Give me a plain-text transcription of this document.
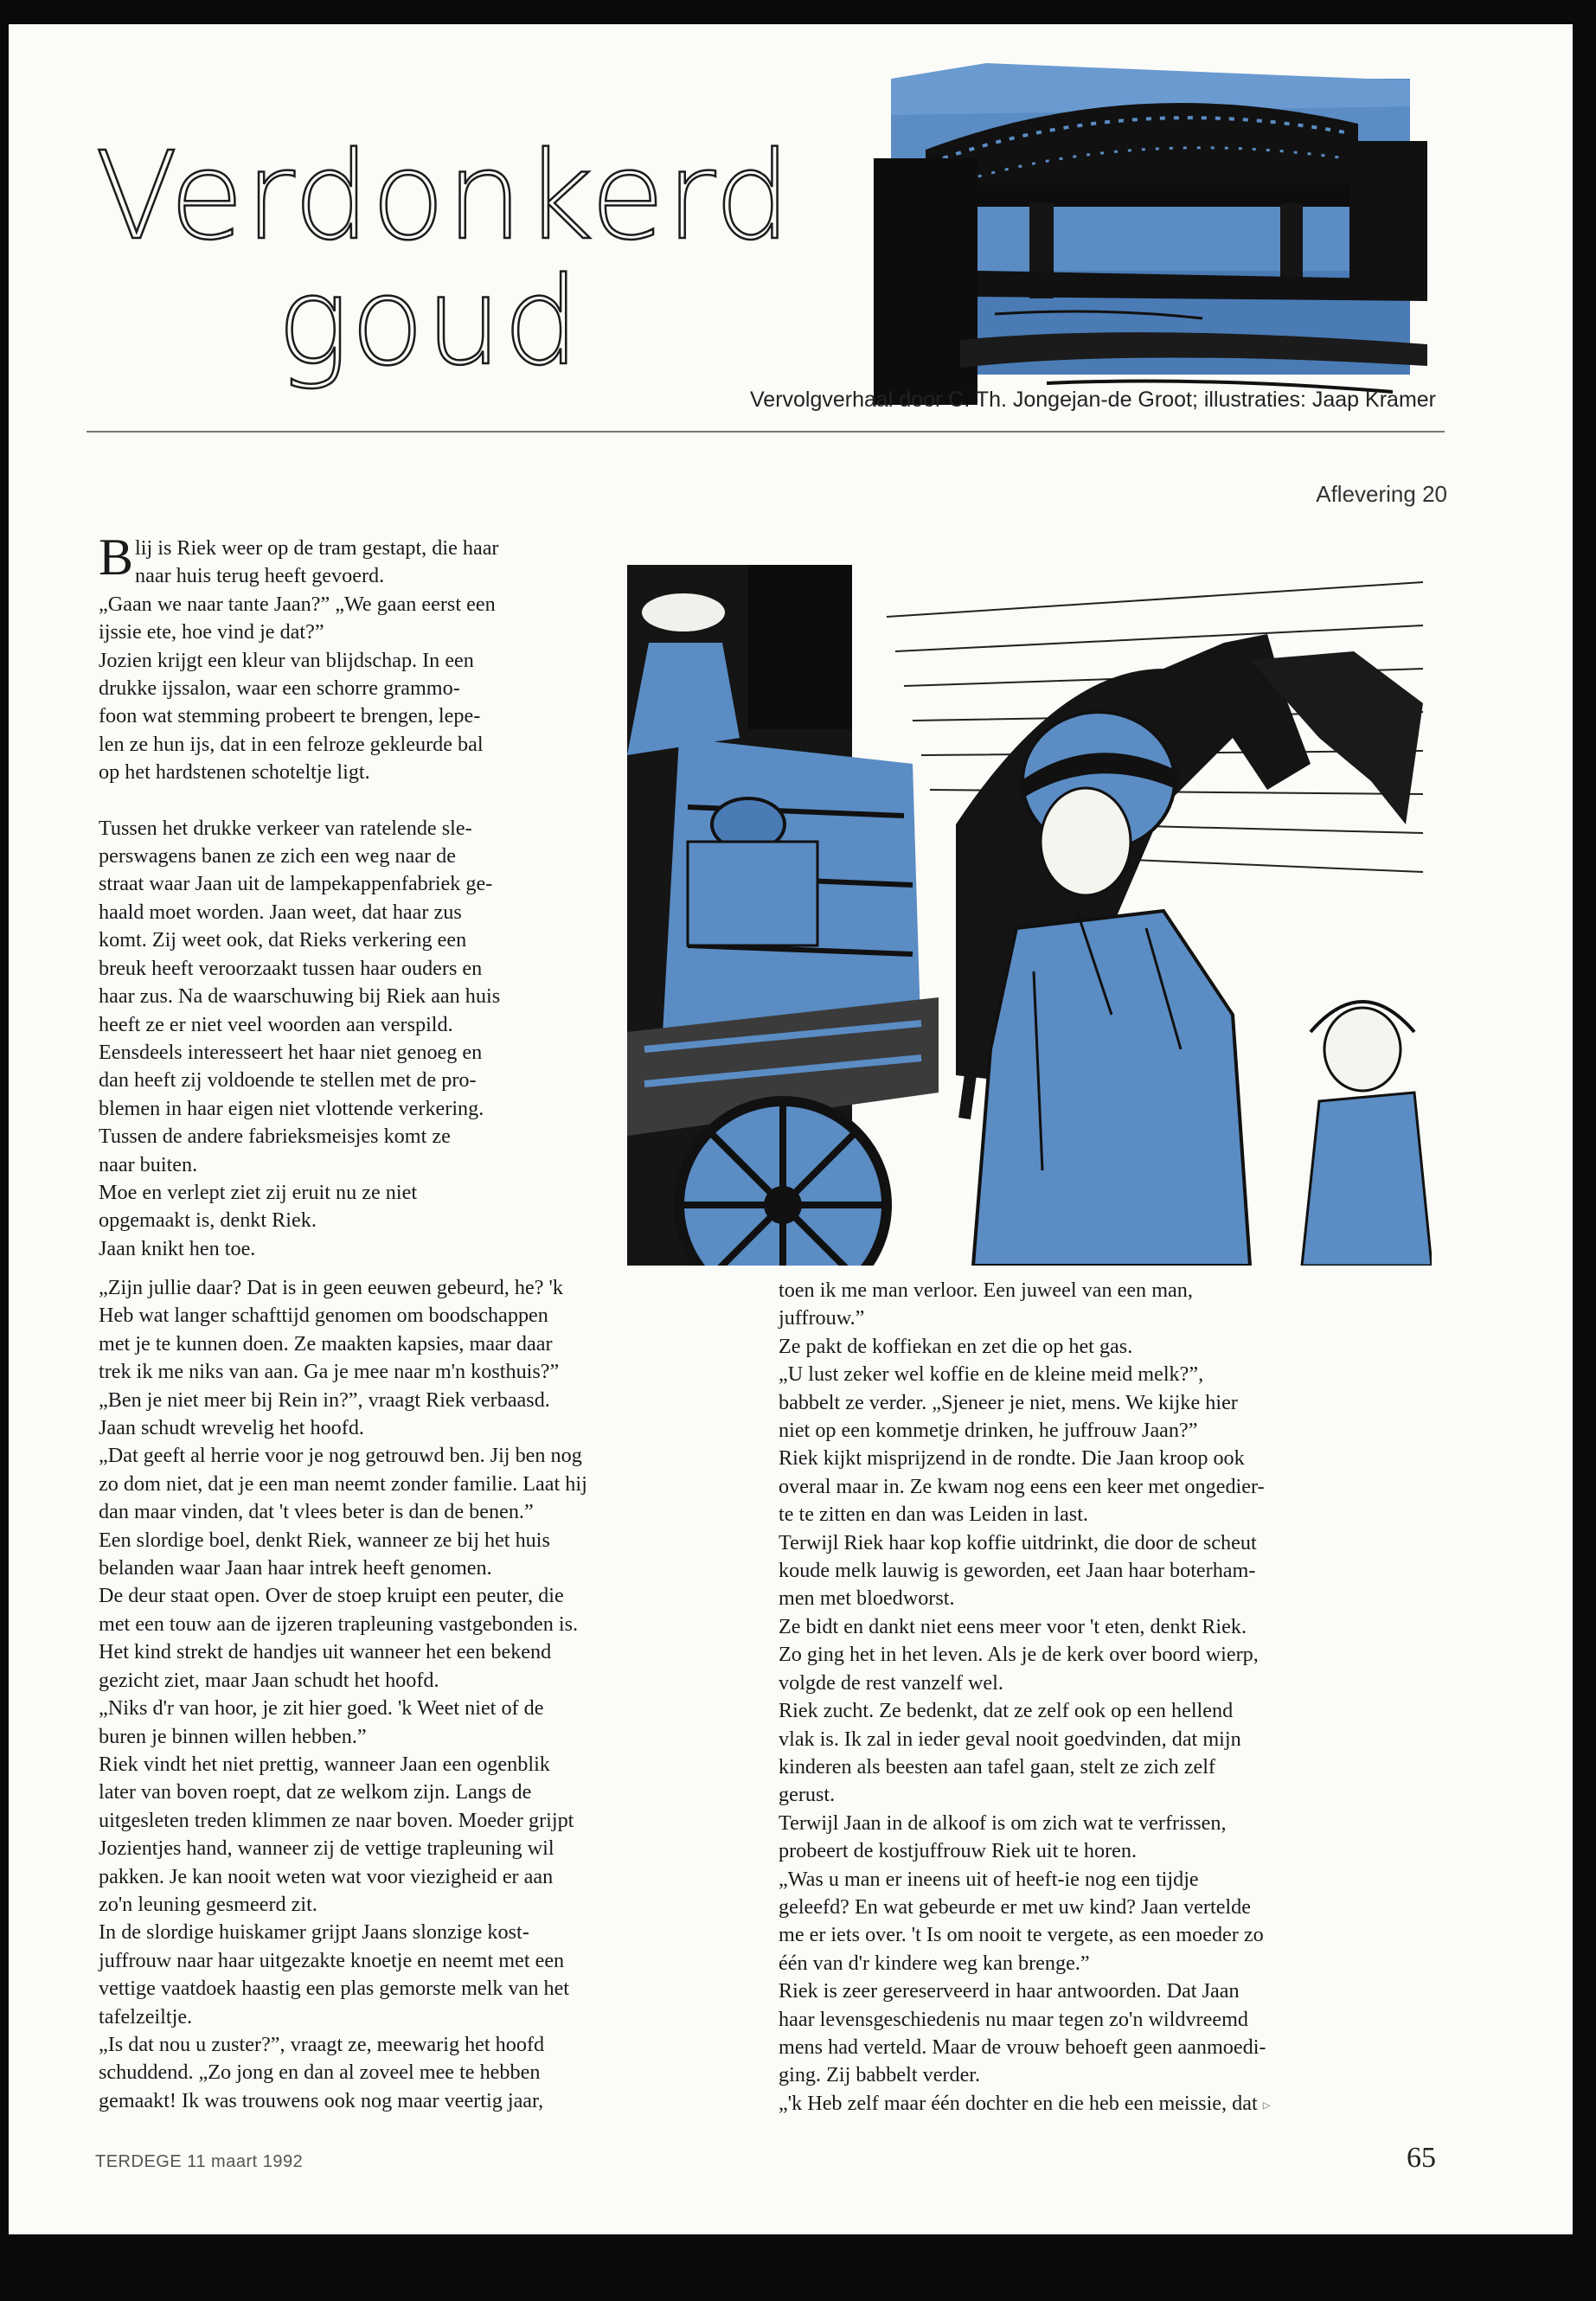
Verdonkerd
goud
Vervolgverhaal door C. Th. Jongejan-de Groot; illustraties: Jaap Kramer
Aflevering 20

Blij is Riek weer op de tram gestapt, die haar
naar huis terug heeft gevoerd.
„Gaan we naar tante Jaan?” „We gaan eerst een
ijssie ete, hoe vind je dat?”
Jozien krijgt een kleur van blijdschap. In een
drukke ijssalon, waar een schorre grammo-
foon wat stemming probeert te brengen, lepe-
len ze hun ijs, dat in een felroze gekleurde bal
op het hardstenen schoteltje ligt.

Tussen het drukke verkeer van ratelende sle-
perswagens banen ze zich een weg naar de
straat waar Jaan uit de lampekappenfabriek ge-
haald moet worden. Jaan weet, dat haar zus
komt. Zij weet ook, dat Rieks verkering een
breuk heeft veroorzaakt tussen haar ouders en
haar zus. Na de waarschuwing bij Riek aan huis
heeft ze er niet veel woorden aan verspild.
Eensdeels interesseert het haar niet genoeg en
dan heeft zij voldoende te stellen met de pro-
blemen in haar eigen niet vlottende verkering.
Tussen de andere fabrieksmeisjes komt ze
naar buiten.
Moe en verlept ziet zij eruit nu ze niet
opgemaakt is, denkt Riek.
Jaan knikt hen toe.

„Zijn jullie daar? Dat is in geen eeuwen gebeurd, he? 'k
Heb wat langer schafttijd genomen om boodschappen
met je te kunnen doen. Ze maakten kapsies, maar daar
trek ik me niks van aan. Ga je mee naar m'n kosthuis?”
„Ben je niet meer bij Rein in?”, vraagt Riek verbaasd.
Jaan schudt wrevelig het hoofd.
„Dat geeft al herrie voor je nog getrouwd ben. Jij ben nog
zo dom niet, dat je een man neemt zonder familie. Laat hij
dan maar vinden, dat 't vlees beter is dan de benen.”
Een slordige boel, denkt Riek, wanneer ze bij het huis
belanden waar Jaan haar intrek heeft genomen.
De deur staat open. Over de stoep kruipt een peuter, die
met een touw aan de ijzeren trapleuning vastgebonden is.
Het kind strekt de handjes uit wanneer het een bekend
gezicht ziet, maar Jaan schudt het hoofd.
„Niks d'r van hoor, je zit hier goed. 'k Weet niet of de
buren je binnen willen hebben.”
Riek vindt het niet prettig, wanneer Jaan een ogenblik
later van boven roept, dat ze welkom zijn. Langs de
uitgesleten treden klimmen ze naar boven. Moeder grijpt
Jozientjes hand, wanneer zij de vettige trapleuning wil
pakken. Je kan nooit weten wat voor viezigheid er aan
zo'n leuning gesmeerd zit.
In de slordige huiskamer grijpt Jaans slonzige kost-
juffrouw naar haar uitgezakte knoetje en neemt met een
vettige vaatdoek haastig een plas gemorste melk van het
tafelzeiltje.
„Is dat nou u zuster?”, vraagt ze, meewarig het hoofd
schuddend. „Zo jong en dan al zoveel mee te hebben
gemaakt! Ik was trouwens ook nog maar veertig jaar,

toen ik me man verloor. Een juweel van een man,
juffrouw.”
Ze pakt de koffiekan en zet die op het gas.
„U lust zeker wel koffie en de kleine meid melk?”,
babbelt ze verder. „Sjeneer je niet, mens. We kijke hier
niet op een kommetje drinken, he juffrouw Jaan?”
Riek kijkt misprijzend in de rondte. Die Jaan kroop ook
overal maar in. Ze kwam nog eens een keer met ongedier-
te te zitten en dan was Leiden in last.
Terwijl Riek haar kop koffie uitdrinkt, die door de scheut
koude melk lauwig is geworden, eet Jaan haar boterham-
men met bloedworst.
Ze bidt en dankt niet eens meer voor 't eten, denkt Riek.
Zo ging het in het leven. Als je de kerk over boord wierp,
volgde de rest vanzelf wel.
Riek zucht. Ze bedenkt, dat ze zelf ook op een hellend
vlak is. Ik zal in ieder geval nooit goedvinden, dat mijn
kinderen als beesten aan tafel gaan, stelt ze zich zelf
gerust.
Terwijl Jaan in de alkoof is om zich wat te verfrissen,
probeert de kostjuffrouw Riek uit te horen.
„Was u man er ineens uit of heeft-ie nog een tijdje
geleefd? En wat gebeurde er met uw kind? Jaan vertelde
me er iets over. 't Is om nooit te vergete, as een moeder zo
één van d'r kindere weg kan brenge.”
Riek is zeer gereserveerd in haar antwoorden. Dat Jaan
haar levensgeschiedenis nu maar tegen zo'n wildvreemd
mens had verteld. Maar de vrouw behoeft geen aanmoedi-
ging. Zij babbelt verder.
„'k Heb zelf maar één dochter en die heb een meissie, dat ▹

TERDEGE 11 maart 1992	65
